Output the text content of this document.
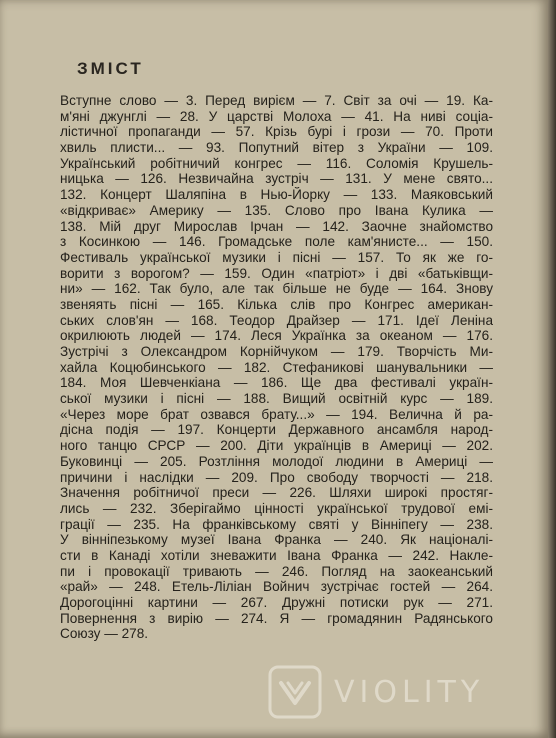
ЗМІСТ
Вступне слово — 3. Перед вирієм — 7. Світ за очі — 19. Ка-
м'яні джунглі — 28. У царстві Молоха — 41. На ниві соціа-
лістичної пропаганди — 57. Крізь бурі і грози — 70. Проти
хвиль плисти... — 93. Попутний вітер з України — 109.
Український робітничий конгрес — 116. Соломія Крушель-
ницька — 126. Незвичайна зустріч — 131. У мене свято...
132. Концерт Шаляпіна в Нью-Йорку — 133. Маяковський
«відкриває» Америку — 135. Слово про Івана Кулика —
138. Мій друг Мирослав Ірчан — 142. Заочне знайомство
з Косинкою — 146. Громадське поле кам'янисте... — 150.
Фестиваль української музики і пісні — 157. То як же го-
ворити з ворогом? — 159. Один «патріот» і дві «батьківщи-
ни» — 162. Так було, але так більше не буде — 164. Знову
звеняять пісні — 165. Кілька слів про Конгрес американ-
ських слов'ян — 168. Теодор Драйзер — 171. Ідеї Леніна
окрилюють людей — 174. Леся Українка за океаном — 176.
Зустрічі з Олександром Корнійчуком — 179. Творчість Ми-
хайла Коцюбинського — 182. Стефаникові шанувальники —
184. Моя Шевченкіана — 186. Ще два фестивалі україн-
ської музики і пісні — 188. Вищий освітній курс — 189.
«Через море брат озвався брату...» — 194. Велична й ра-
дісна подія — 197. Концерти Державного ансамбля народ-
ного танцю СРСР — 200. Діти українців в Америці — 202.
Буковинці — 205. Розтління молодої людини в Америці —
причини і наслідки — 209. Про свободу творчості — 218.
Значення робітничої преси — 226. Шляхи широкі простяг-
лись — 232. Зберігаймо цінності української трудової емі-
грації — 235. На франківському святі у Вінніпегу — 238.
У вінніпезькому музеї Івана Франка — 240. Як націоналі-
сти в Канаді хотіли зневажити Івана Франка — 242. Накле-
пи і провокації тривають — 246. Погляд на заокеанський
«рай» — 248. Етель-Ліліан Войнич зустрічає гостей — 264.
Дорогоцінні картини — 267. Дружні потиски рук — 271.
Повернення з вирію — 274. Я — громадянин Радянського
Союзу — 278.
VIOLITY
